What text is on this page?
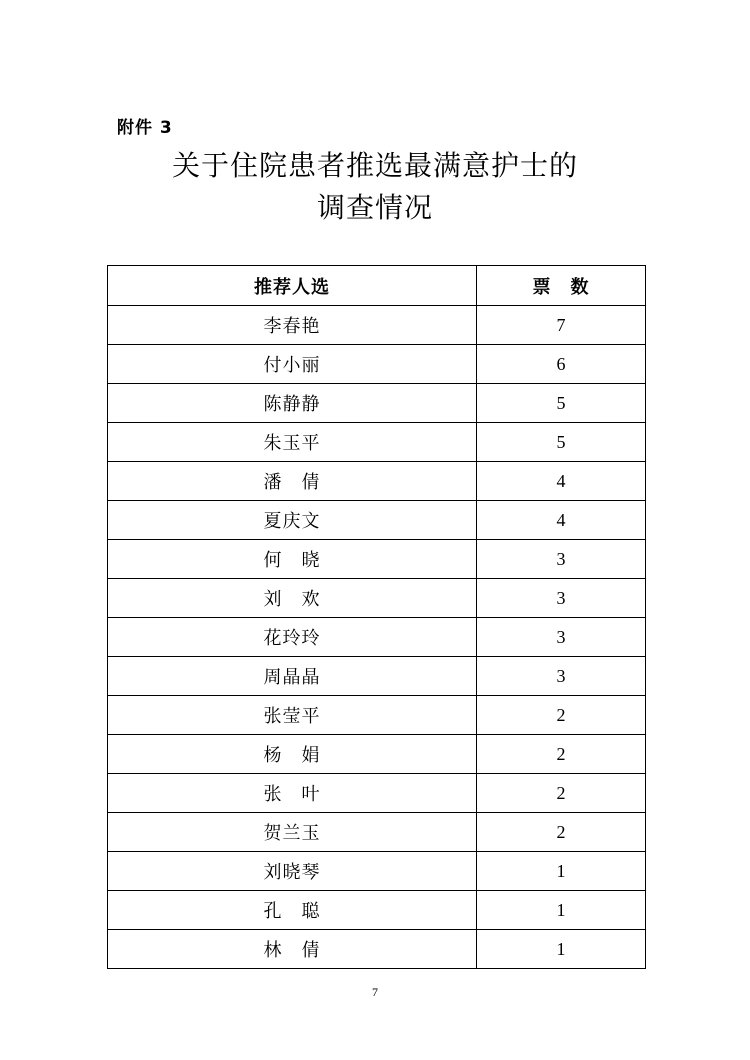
附件 3
关于住院患者推选最满意护士的
调查情况
推荐人选	票　数
李春艳	7
付小丽	6
陈静静	5
朱玉平	5
潘　倩	4
夏庆文	4
何　晓	3
刘　欢	3
花玲玲	3
周晶晶	3
张莹平	2
杨　娟	2
张　叶	2
贺兰玉	2
刘晓琴	1
孔　聪	1
林　倩	1
7
